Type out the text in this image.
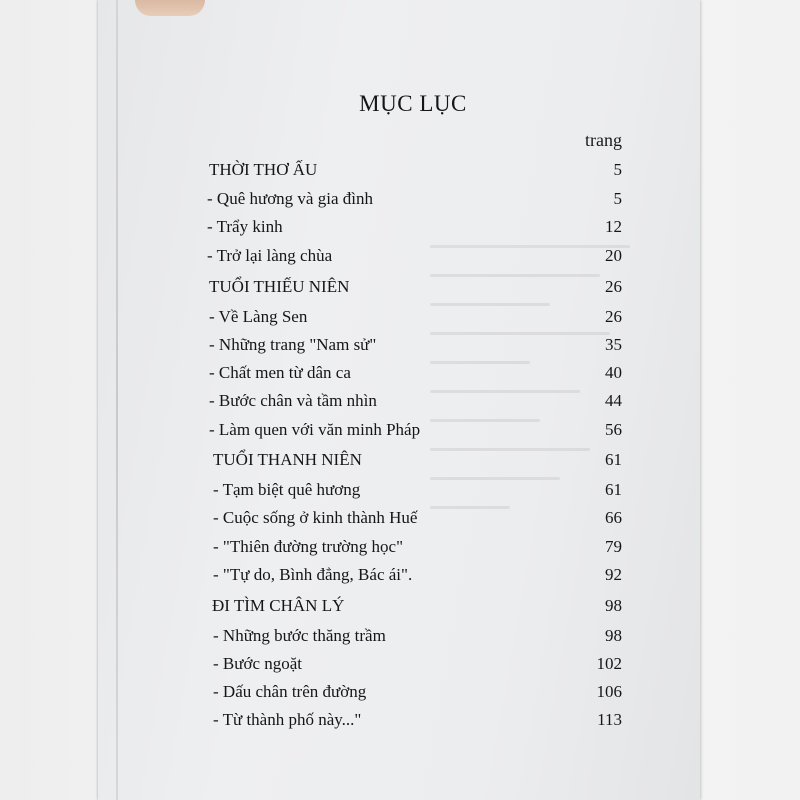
MỤC LỤC
trang
THỜI THƠ ẤU	5
- Quê hương và gia đình	5
- Trẩy kinh	12
- Trở lại làng chùa	20
TUỔI THIẾU NIÊN	26
- Về Làng Sen	26
- Những trang "Nam sử"	35
- Chất men từ dân ca	40
- Bước chân và tầm nhìn	44
- Làm quen với văn minh Pháp	56
TUỔI THANH NIÊN	61
- Tạm biệt quê hương	61
- Cuộc sống ở kinh thành Huế	66
- "Thiên đường trường học"	79
- "Tự do, Bình đẳng, Bác ái".	92
ĐI TÌM CHÂN LÝ	98
- Những bước thăng trầm	98
- Bước ngoặt	102
- Dấu chân trên đường	106
- Từ thành phố này..."	113
